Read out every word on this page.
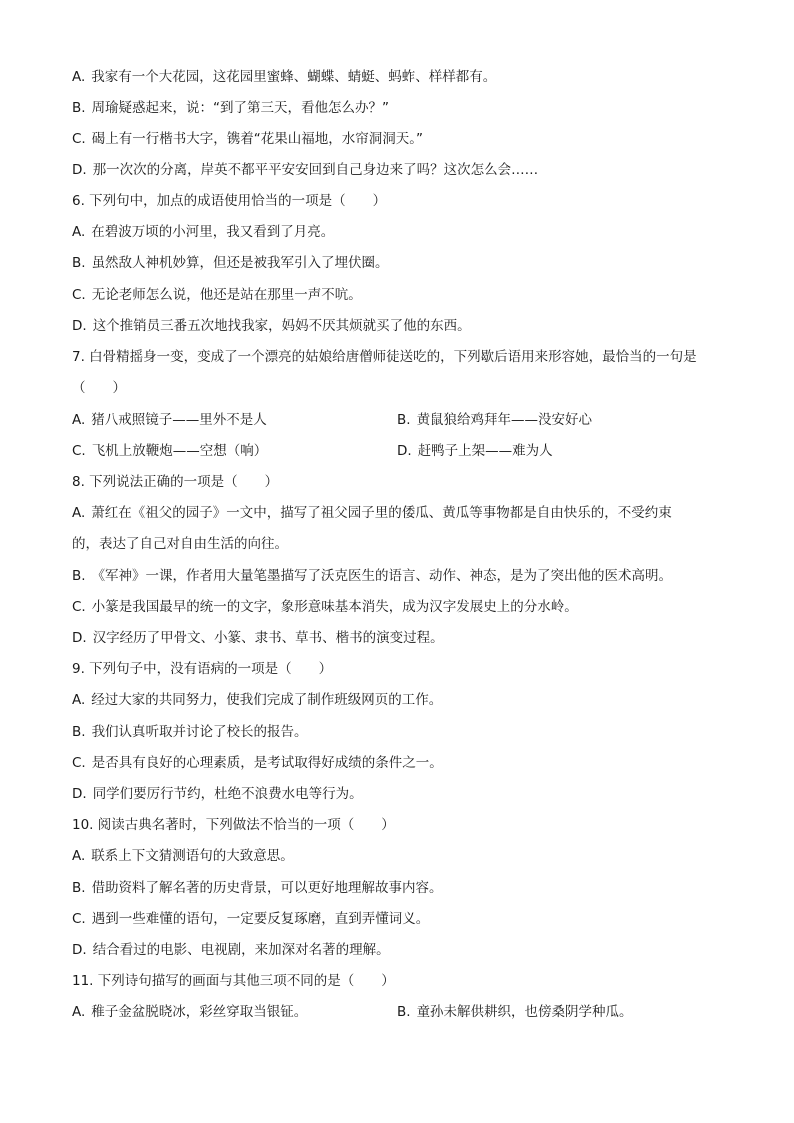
A. 我家有一个大花园，这花园里蜜蜂、蝴蝶、蜻蜓、蚂蚱、样样都有。
B. 周瑜疑惑起来，说：“到了第三天，看他怎么办？”
C. 碣上有一行楷书大字，镌着“花果山福地，水帘洞洞天。”
D. 那一次次的分离，岸英不都平平安安回到自己身边来了吗？这次怎么会……
6. 下列句中，加点的成语使用恰当的一项是（　　）
A. 在碧波万顷的小河里，我又看到了月亮。
B. 虽然敌人神机妙算，但还是被我军引入了埋伏圈。
C. 无论老师怎么说，他还是站在那里一声不吭。
D. 这个推销员三番五次地找我家，妈妈不厌其烦就买了他的东西。
7. 白骨精摇身一变，变成了一个漂亮的姑娘给唐僧师徒送吃的，下列歇后语用来形容她，最恰当的一句是
（　　）
A. 猪八戒照镜子——里外不是人	B. 黄鼠狼给鸡拜年——没安好心
C. 飞机上放鞭炮——空想（响）	D. 赶鸭子上架——难为人
8. 下列说法正确的一项是（　　）
A. 萧红在《祖父的园子》一文中，描写了祖父园子里的倭瓜、黄瓜等事物都是自由快乐的，不受约束
的，表达了自己对自由生活的向往。
B. 《军神》一课，作者用大量笔墨描写了沃克医生的语言、动作、神态，是为了突出他的医术高明。
C. 小篆是我国最早的统一的文字，象形意味基本消失，成为汉字发展史上的分水岭。
D. 汉字经历了甲骨文、小篆、隶书、草书、楷书的演变过程。
9. 下列句子中，没有语病的一项是（　　）
A. 经过大家的共同努力，使我们完成了制作班级网页的工作。
B. 我们认真听取并讨论了校长的报告。
C. 是否具有良好的心理素质，是考试取得好成绩的条件之一。
D. 同学们要厉行节约，杜绝不浪费水电等行为。
10. 阅读古典名著时，下列做法不恰当的一项（　　）
A. 联系上下文猜测语句的大致意思。
B. 借助资料了解名著的历史背景，可以更好地理解故事内容。
C. 遇到一些难懂的语句，一定要反复琢磨，直到弄懂词义。
D. 结合看过的电影、电视剧，来加深对名著的理解。
11. 下列诗句描写的画面与其他三项不同的是（　　）
A. 稚子金盆脱晓冰，彩丝穿取当银钲。	B. 童孙未解供耕织，也傍桑阴学种瓜。
